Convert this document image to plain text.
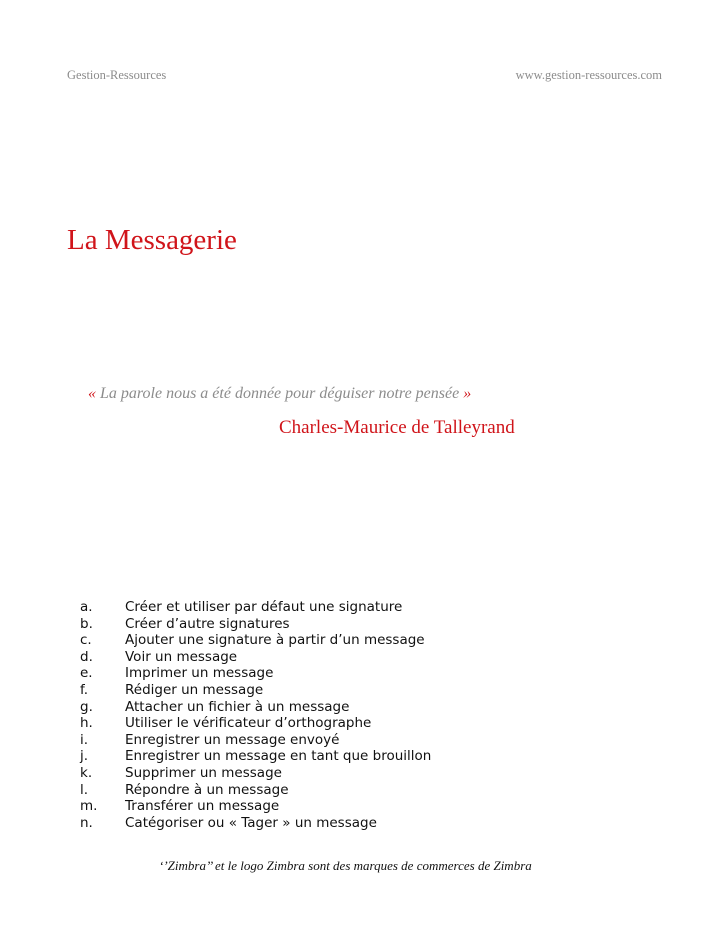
Gestion-Ressources	www.gestion-ressources.com
La Messagerie
« La parole nous a été donnée pour déguiser notre pensée »
Charles-Maurice de Talleyrand
a. Créer et utiliser par défaut une signature
b. Créer d’autre signatures
c. Ajouter une signature à partir d’un message
d. Voir un message
e. Imprimer un message
f.	Rédiger un message
g. Attacher un fichier à un message
h. Utiliser le vérificateur d’orthographe
i.	Enregistrer un message envoyé
j.	Enregistrer un message en tant que brouillon
k. Supprimer un message
l.	Répondre à un message
m. Transférer un message
n. Catégoriser ou « Tager » un message
‘’Zimbra’’ et le logo Zimbra sont des marques de commerces de Zimbra
